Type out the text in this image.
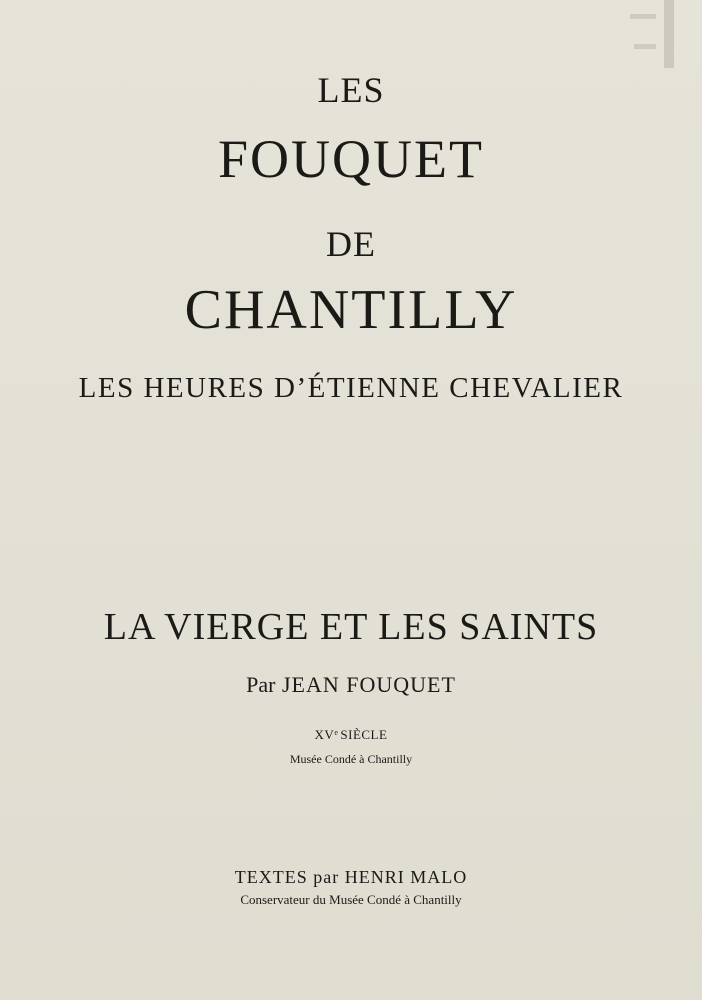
LES
FOUQUET
DE
CHANTILLY
LES HEURES D’ÉTIENNE CHEVALIER
LA VIERGE ET LES SAINTS
Par JEAN FOUQUET
XVe SIÈCLE
Musée Condé à Chantilly
TEXTES par HENRI MALO
Conservateur du Musée Condé à Chantilly
